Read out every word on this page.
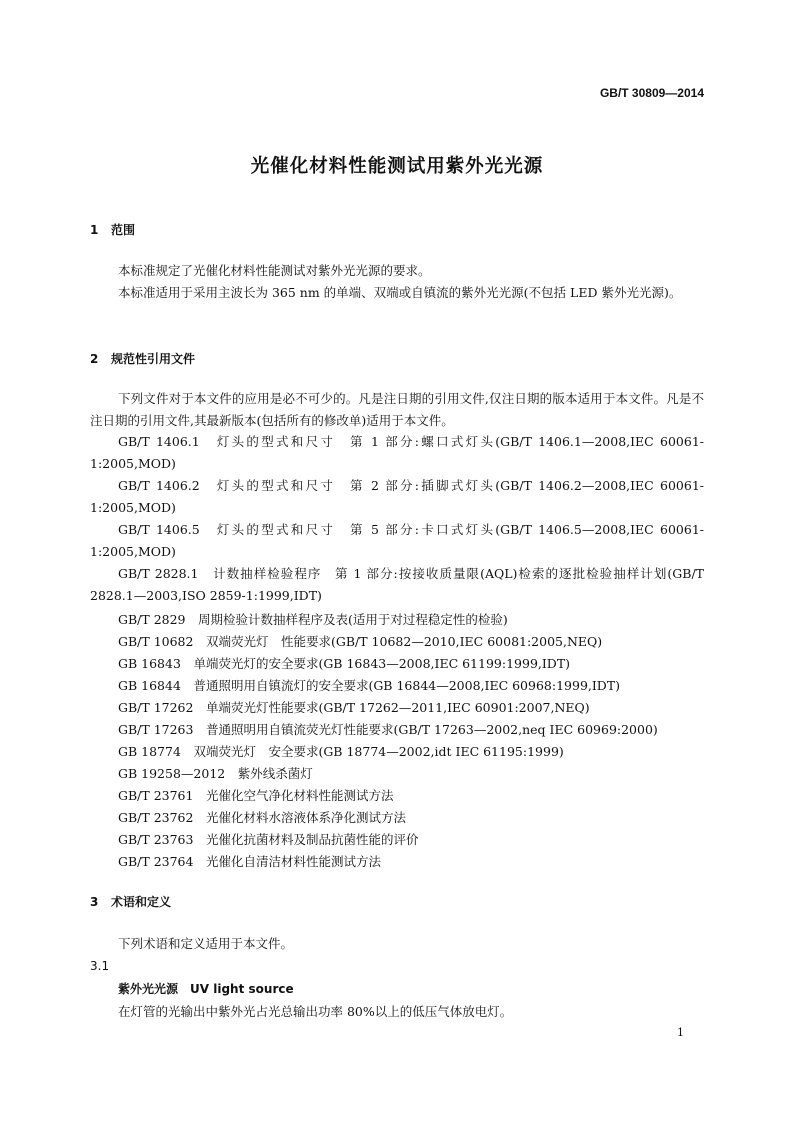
GB/T 30809—2014
光催化材料性能测试用紫外光光源
1 范围
本标准规定了光催化材料性能测试对紫外光光源的要求。
本标准适用于采用主波长为 365 nm 的单端、双端或自镇流的紫外光光源(不包括 LED 紫外光光源)。
2 规范性引用文件
下列文件对于本文件的应用是必不可少的。凡是注日期的引用文件,仅注日期的版本适用于本文件。凡是不注日期的引用文件,其最新版本(包括所有的修改单)适用于本文件。
GB/T 1406.1　 灯头的型式和尺寸　第 1 部分:螺口式灯头(GB/T 1406.1—2008,IEC 60061-1:2005,MOD)
GB/T 1406.2　 灯头的型式和尺寸　第 2 部分:插脚式灯头(GB/T 1406.2—2008,IEC 60061-1:2005,MOD)
GB/T 1406.5　 灯头的型式和尺寸　第 5 部分:卡口式灯头(GB/T 1406.5—2008,IEC 60061-1:2005,MOD)
GB/T 2828.1　 计数抽样检验程序　第 1 部分:按接收质量限(AQL)检索的逐批检验抽样计划(GB/T 2828.1—2003,ISO 2859-1:1999,IDT)
GB/T 2829　 周期检验计数抽样程序及表(适用于对过程稳定性的检验)
GB/T 10682　 双端荧光灯　性能要求(GB/T 10682—2010,IEC 60081:2005,NEQ)
GB 16843　 单端荧光灯的安全要求(GB 16843—2008,IEC 61199:1999,IDT)
GB 16844　 普通照明用自镇流灯的安全要求(GB 16844—2008,IEC 60968:1999,IDT)
GB/T 17262　 单端荧光灯性能要求(GB/T 17262—2011,IEC 60901:2007,NEQ)
GB/T 17263　 普通照明用自镇流荧光灯性能要求(GB/T 17263—2002,neq IEC 60969:2000)
GB 18774　 双端荧光灯　安全要求(GB 18774—2002,idt IEC 61195:1999)
GB 19258—2012　 紫外线杀菌灯
GB/T 23761　 光催化空气净化材料性能测试方法
GB/T 23762　 光催化材料水溶液体系净化测试方法
GB/T 23763　 光催化抗菌材料及制品抗菌性能的评价
GB/T 23764　 光催化自清洁材料性能测试方法
3 术语和定义
下列术语和定义适用于本文件。
3.1
紫外光光源　 UV light source
在灯管的光输出中紫外光占光总输出功率 80%以上的低压气体放电灯。
1
